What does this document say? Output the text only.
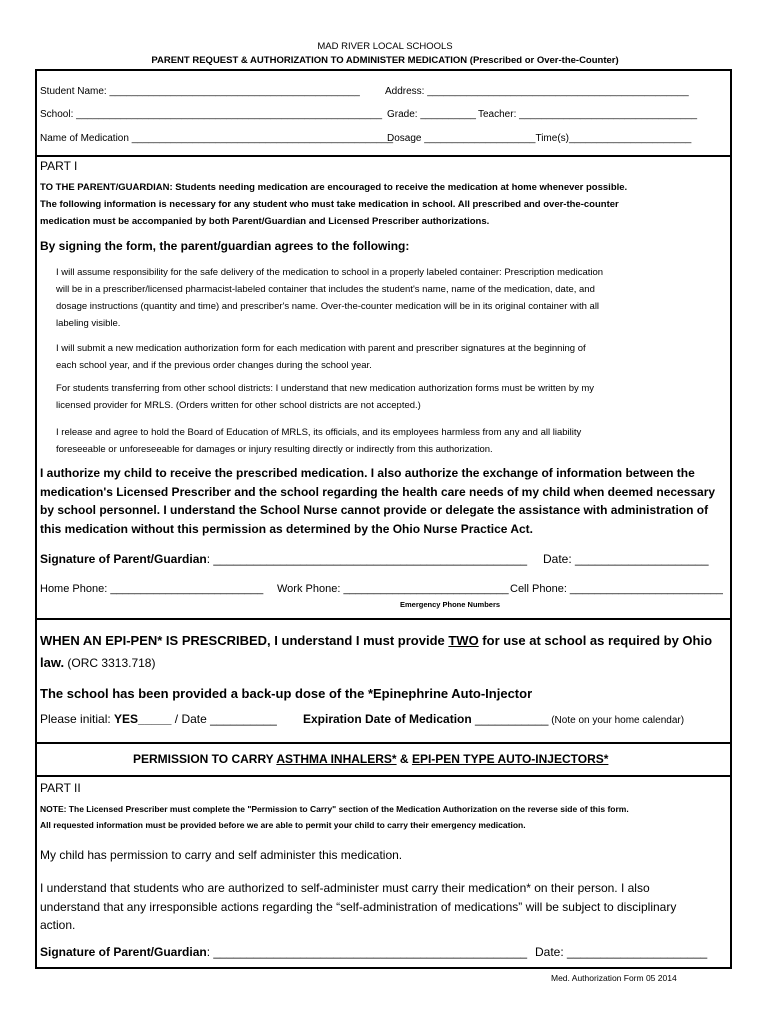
MAD RIVER LOCAL SCHOOLS
PARENT REQUEST & AUTHORIZATION TO ADMINISTER MEDICATION (Prescribed or Over-the-Counter)
Student Name: _____________________________________________	Address: _______________________________________________
School: _______________________________________________________ Grade: __________ Teacher: ________________________________
Name of Medication _______________________________________________
Dosage ____________________Time(s)______________________
PART I
TO THE PARENT/GUARDIAN: Students needing medication are encouraged to receive the medication at home whenever possible.
The following information is necessary for any student who must take medication in school. All prescribed and over-the-counter
medication must be accompanied by both Parent/Guardian and Licensed Prescriber authorizations.
By signing the form, the parent/guardian agrees to the following:
I will assume responsibility for the safe delivery of the medication to school in a properly labeled container: Prescription medication
will be in a prescriber/licensed pharmacist-labeled container that includes the student's name, name of the medication, date, and
dosage instructions (quantity and time) and prescriber's name. Over-the-counter medication will be in its original container with all
labeling visible.
I will submit a new medication authorization form for each medication with parent and prescriber signatures at the beginning of
each school year, and if the previous order changes during the school year.
For students transferring from other school districts: I understand that new medication authorization forms must be written by my
licensed provider for MRLS. (Orders written for other school districts are not accepted.)
I release and agree to hold the Board of Education of MRLS, its officials, and its employees harmless from any and all liability
foreseeable or unforeseeable for damages or injury resulting directly or indirectly from this authorization.
I authorize my child to receive the prescribed medication. I also authorize the exchange of information between the
medication's Licensed Prescriber and the school regarding the health care needs of my child when deemed necessary
by school personnel. I understand the School Nurse cannot provide or delegate the assistance with administration of
this medication without this permission as determined by the Ohio Nurse Practice Act.
Signature of Parent/Guardian: _______________________________________________ Date: ____________________
Home Phone: _________________________ Work Phone: ___________________________ Cell Phone: _________________________
Emergency Phone Numbers
WHEN AN EPI-PEN* IS PRESCRIBED, I understand I must provide TWO for use at school as required by Ohio
law. (ORC 3313.718)
The school has been provided a back-up dose of the *Epinephrine Auto-Injector
Please initial: YES_____ / Date __________ Expiration Date of Medication ___________ (Note on your home calendar)
PERMISSION TO CARRY ASTHMA INHALERS* & EPI-PEN TYPE AUTO-INJECTORS*
PART II
NOTE: The Licensed Prescriber must complete the "Permission to Carry" section of the Medication Authorization on the reverse side of this form.
All requested information must be provided before we are able to permit your child to carry their emergency medication.
My child has permission to carry and self administer this medication.
I understand that students who are authorized to self-administer must carry their medication* on their person. I also
understand that any irresponsible actions regarding the “self-administration of medications” will be subject to disciplinary
action.
Signature of Parent/Guardian: _______________________________________________ Date: _____________________
Med. Authorization Form 05 2014
